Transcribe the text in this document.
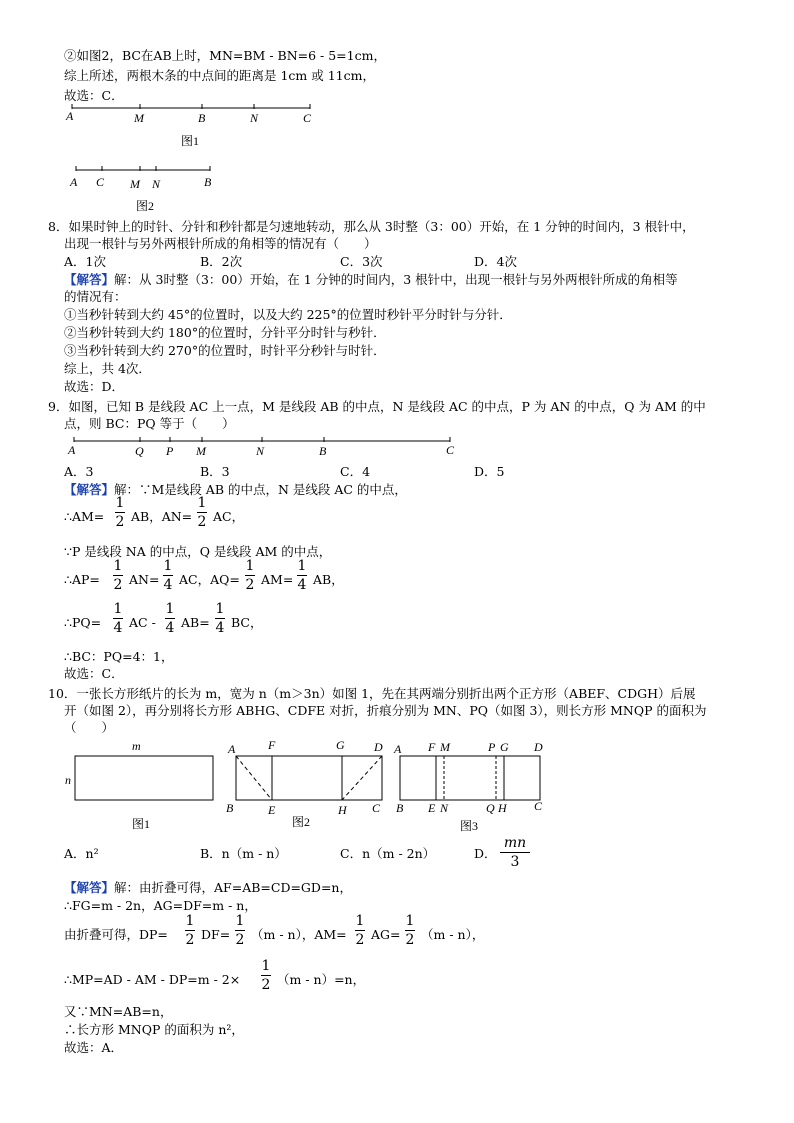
②如图2，BC在AB上时，MN=BM - BN=6 - 5=1cm，
综上所述，两根木条的中点间的距离是 1cm 或 11cm，
故选：C．
A	M	B	N	C
图1
A C M N	B
图2
8．如果时钟上的时针、分针和秒针都是匀速地转动，那么从 3时整（3：00）开始，在 1 分钟的时间内，3 根针中，
出现一根针与另外两根针所成的角相等的情况有（　　）
A．1次	B．2次	C．3次	D．4次
【解答】解：从 3时整（3：00）开始，在 1 分钟的时间内，3 根针中，出现一根针与另外两根针所成的角相等
的情况有：
①当秒针转到大约 45°的位置时，以及大约 225°的位置时秒针平分时针与分针．
②当秒针转到大约 180°的位置时，分针平分时针与秒针．
③当秒针转到大约 270°的位置时，时针平分秒针与时针．
综上，共 4次．
故选：D．
9．如图，已知 B 是线段 AC 上一点，M 是线段 AB 的中点，N 是线段 AC 的中点，P 为 AN 的中点，Q 为 AM 的中
点，则 BC：PQ 等于（　　）
A	Q P M	N	B	C
A．3	B．3	C．4	D．5
【解答】解：∵M是线段 AB 的中点，N 是线段 AC 的中点，
∴AM=
1
2 AB，AN=
1
2 AC，
∵P 是线段 NA 的中点，Q 是线段 AM 的中点，
∴AP=
1
2 AN=
1
4 AC，AQ=
1
2 AM=
1
4 AB，
∴PQ=
1
4 AC -
1
4 AB=
1
4 BC，
∴BC：PQ=4：1，
故选：C．
10．一张长方形纸片的长为 m，宽为 n（m＞3n）如图 1，先在其两端分别折出两个正方形（ABEF、CDGH）后展
开（如图 2），再分别将长方形 ABHG、CDFE 对折，折痕分别为 MN、PQ（如图 3），则长方形 MNQP 的面积为
（　　）
m
n
图1
A	F	G D
B	E	H C
图2
A F M	P G D
B E N	Q H C
图3
A．n²	B．n（m - n）	C．n（m - 2n）	D．
mn
3
【解答】解：由折叠可得，AF=AB=CD=GD=n，
∴FG=m - 2n，AG=DF=m - n，
由折叠可得，DP=
1
2 DF=
1
2 （m - n），AM=
1
2 AG=
1
2 （m - n），
∴MP=AD - AM - DP=m - 2×
1
2 （m - n）=n，
又∵MN=AB=n，
∴长方形 MNQP 的面积为 n²，
故选：A．
